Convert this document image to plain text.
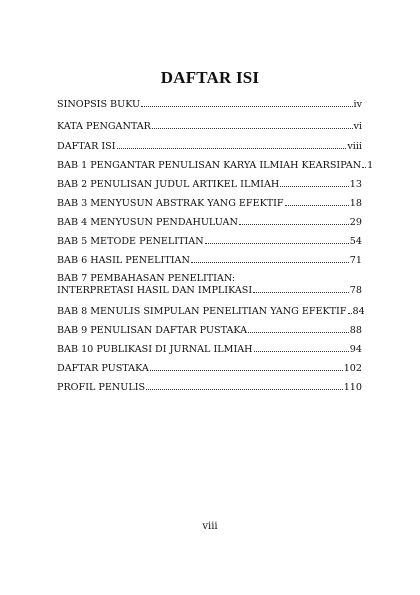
DAFTAR ISI
SINOPSIS BUKU	iv
KATA PENGANTAR	vi
DAFTAR ISI	viii
BAB 1 PENGANTAR PENULISAN KARYA ILMIAH KEARSIPAN 1
BAB 2 PENULISAN JUDUL ARTIKEL ILMIAH	13
BAB 3 MENYUSUN ABSTRAK YANG EFEKTIF	18
BAB 4 MENYUSUN PENDAHULUAN	29
BAB 5 METODE PENELITIAN	54
BAB 6 HASIL PENELITIAN	71
BAB 7 PEMBAHASAN PENELITIAN:
INTERPRETASI HASIL DAN IMPLIKASI	78
BAB 8 MENULIS SIMPULAN PENELITIAN YANG EFEKTIF 84
BAB 9 PENULISAN DAFTAR PUSTAKA	88
BAB 10 PUBLIKASI DI JURNAL ILMIAH	94
DAFTAR PUSTAKA	102
PROFIL PENULIS	110
viii
